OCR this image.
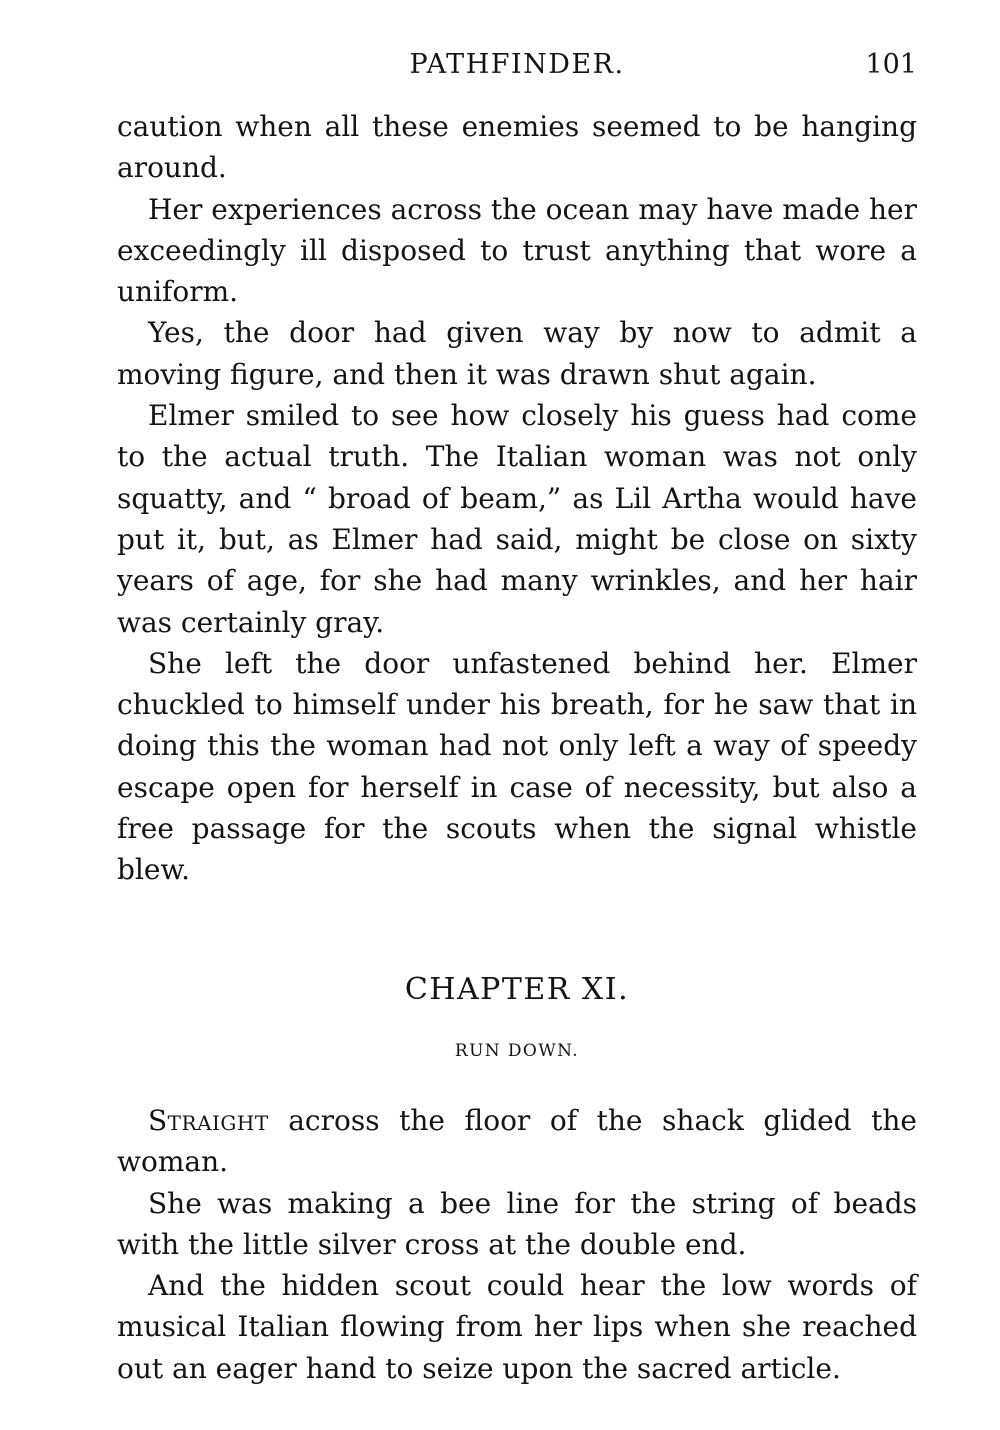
PATHFINDER.	101

caution when all these enemies seemed to be hanging around.

Her experiences across the ocean may have made her exceedingly ill disposed to trust anything that wore a uniform.

Yes, the door had given way by now to admit a moving figure, and then it was drawn shut again.

Elmer smiled to see how closely his guess had come to the actual truth. The Italian woman was not only squatty, and “ broad of beam,” as Lil Artha would have put it, but, as Elmer had said, might be close on sixty years of age, for she had many wrinkles, and her hair was certainly gray.

She left the door unfastened behind her. Elmer chuckled to himself under his breath, for he saw that in doing this the woman had not only left a way of speedy escape open for herself in case of necessity, but also a free passage for the scouts when the signal whistle blew.

CHAPTER XI.

RUN DOWN.

Straight across the floor of the shack glided the woman.

She was making a bee line for the string of beads with the little silver cross at the double end.

And the hidden scout could hear the low words of musical Italian flowing from her lips when she reached out an eager hand to seize upon the sacred article.
